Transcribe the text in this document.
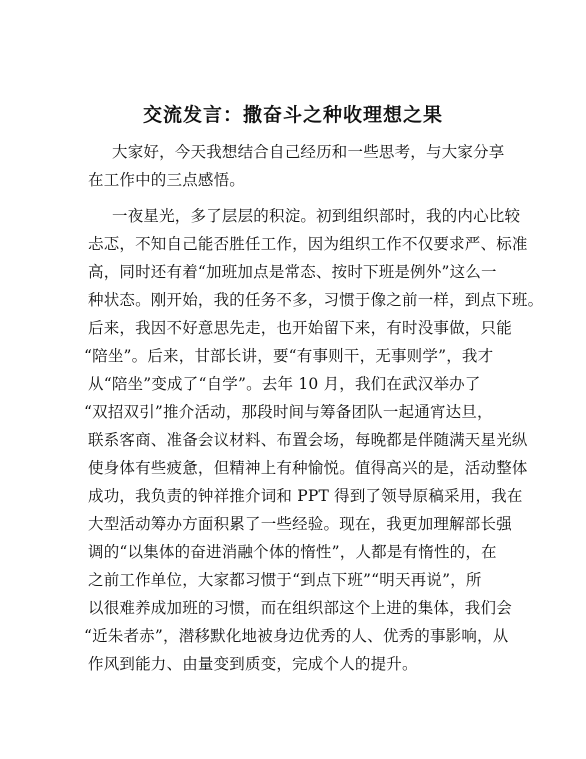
交流发言：撒奋斗之种收理想之果
大家好，今天我想结合自己经历和一些思考，与大家分享
在工作中的三点感悟。
一夜星光，多了层层的积淀。初到组织部时，我的内心比较
忐忑，不知自己能否胜任工作，因为组织工作不仅要求严、标准
高，同时还有着“加班加点是常态、按时下班是例外”这么一
种状态。刚开始，我的任务不多，习惯于像之前一样，到点下班。
后来，我因不好意思先走，也开始留下来，有时没事做，只能
“陪坐”。后来，甘部长讲，要“有事则干，无事则学”，我才
从“陪坐”变成了“自学”。去年 10 月，我们在武汉举办了
“双招双引”推介活动，那段时间与筹备团队一起通宵达旦，
联系客商、准备会议材料、布置会场，每晚都是伴随满天星光纵
使身体有些疲惫，但精神上有种愉悦。值得高兴的是，活动整体
成功，我负责的钟祥推介词和 PPT 得到了领导原稿采用，我在
大型活动筹办方面积累了一些经验。现在，我更加理解部长强
调的“以集体的奋进消融个体的惰性”，人都是有惰性的，在
之前工作单位，大家都习惯于“到点下班”“明天再说”，所
以很难养成加班的习惯，而在组织部这个上进的集体，我们会
“近朱者赤”，潜移默化地被身边优秀的人、优秀的事影响，从
作风到能力、由量变到质变，完成个人的提升。
